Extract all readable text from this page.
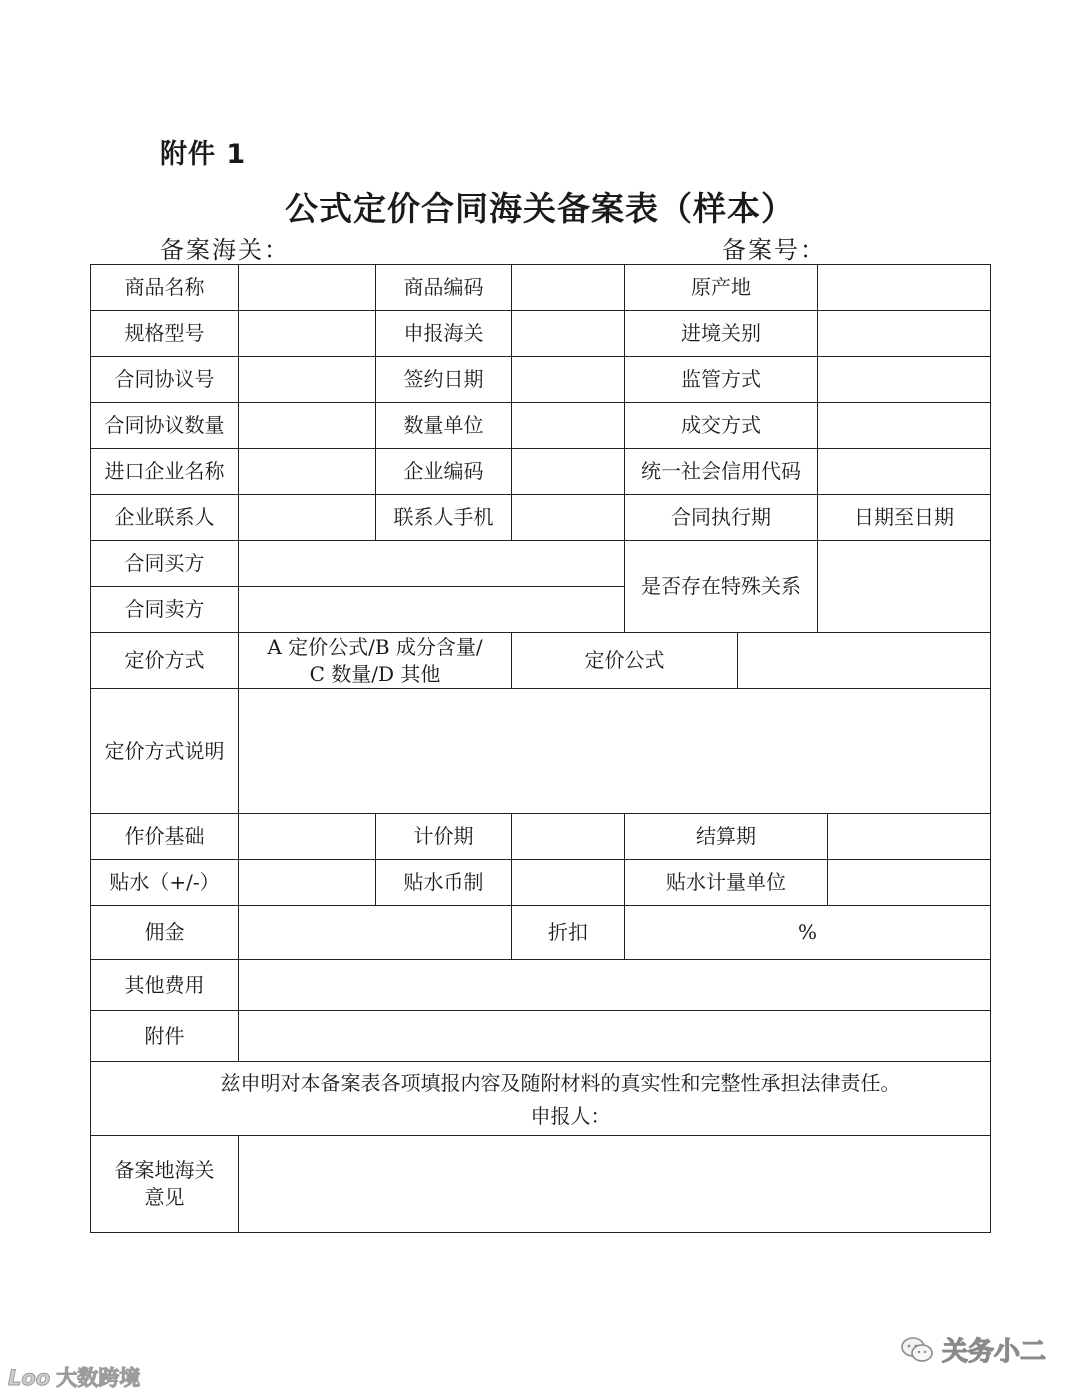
附件 1
公式定价合同海关备案表（样本）
备案海关：	备案号：
商品名称		商品编码		原产地			
规格型号		申报海关		进境关别			
合同协议号		签约日期		监管方式			
合同协议数量		数量单位		成交方式			
进口企业名称		企业编码		统一社会信用代码			
企业联系人		联系人手机		合同执行期		日期至日期	
合同买方				是否存在特殊关系			
合同卖方							
定价方式	A 定价公式/B 成分含量/
C 数量/D 其他		定价公式				
定价方式说明							
作价基础		计价期		结算期			
贴水（+/-）		贴水币制		贴水计量单位			
佣金			折扣	%			
其他费用							
附件							

兹申明对本备案表各项填报内容及随附材料的真实性和完整性承担法律责任。
申报人：							

备案地海关
意见							
Loo 大数跨境
关务小二
